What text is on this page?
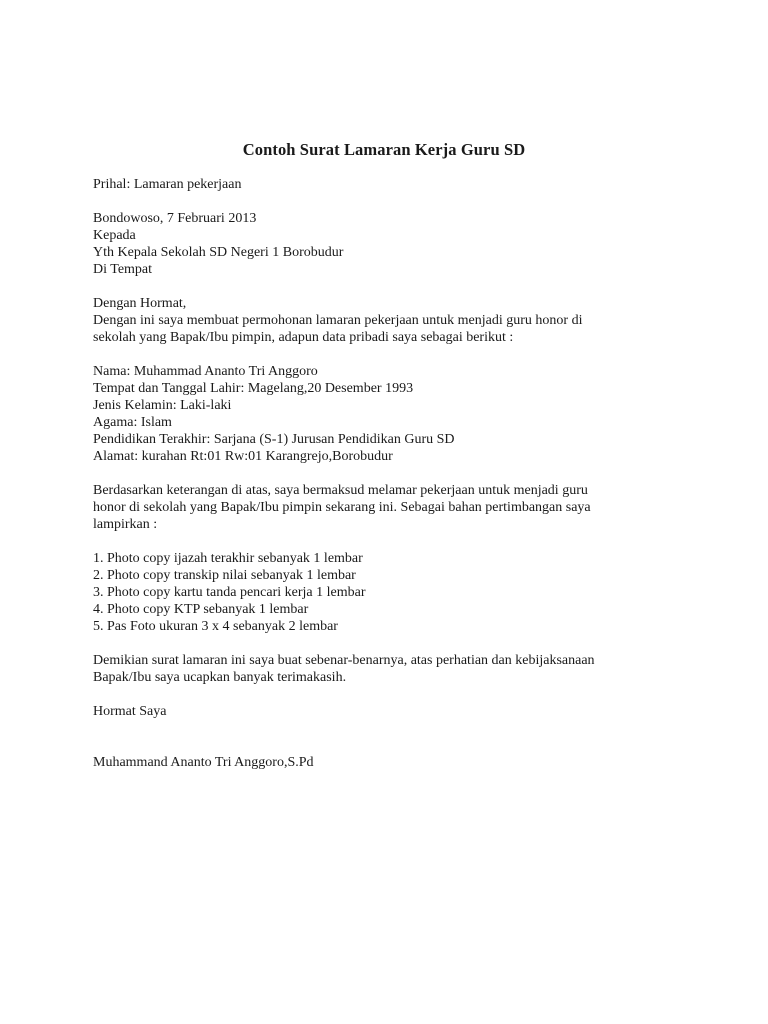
Contoh Surat Lamaran Kerja Guru SD
Prihal: Lamaran pekerjaan
Bondowoso, 7 Februari 2013
Kepada
Yth Kepala Sekolah SD Negeri 1 Borobudur
Di Tempat
Dengan Hormat,
Dengan ini saya membuat permohonan lamaran pekerjaan untuk menjadi guru honor di
sekolah yang Bapak/Ibu pimpin, adapun data pribadi saya sebagai berikut :
Nama : Muhammad Ananto Tri Anggoro
Tempat dan Tanggal Lahir : Magelang,20 Desember 1993
Jenis Kelamin : Laki-laki
Agama : Islam
Pendidikan Terakhir : Sarjana (S-1) Jurusan Pendidikan Guru SD
Alamat : kurahan Rt:01 Rw:01 Karangrejo,Borobudur
Berdasarkan keterangan di atas, saya bermaksud melamar pekerjaan untuk menjadi guru
honor di sekolah yang Bapak/Ibu pimpin sekarang ini. Sebagai bahan pertimbangan saya
lampirkan :
1. Photo copy ijazah terakhir sebanyak 1 lembar
2. Photo copy transkip nilai sebanyak 1 lembar
3. Photo copy kartu tanda pencari kerja 1 lembar
4. Photo copy KTP sebanyak 1 lembar
5. Pas Foto ukuran 3 x 4 sebanyak 2 lembar
Demikian surat lamaran ini saya buat sebenar-benarnya, atas perhatian dan kebijaksanaan
Bapak/Ibu saya ucapkan banyak terimakasih.
Hormat Saya
Muhammand Ananto Tri Anggoro,S.Pd
